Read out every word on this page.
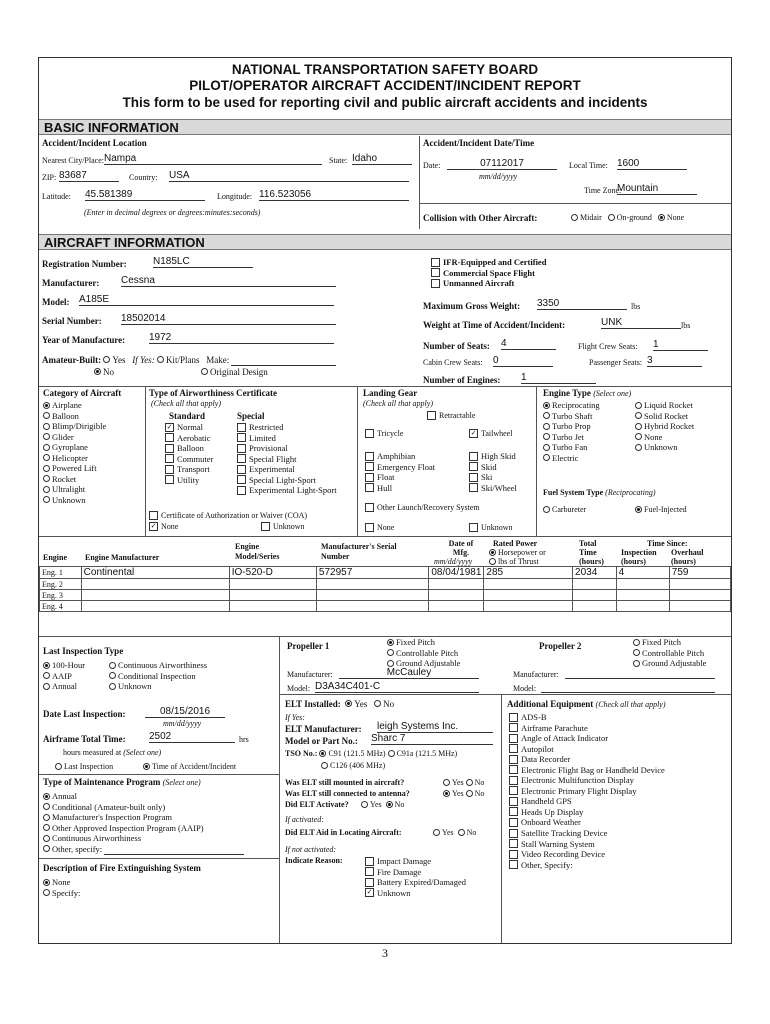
NATIONAL TRANSPORTATION SAFETY BOARD
PILOT/OPERATOR AIRCRAFT ACCIDENT/INCIDENT REPORT
This form to be used for reporting civil and public aircraft accidents and incidents
BASIC INFORMATION
Accident/Incident Location
Nearest City/Place: Nampa	State: Idaho
ZIP: 83687	Country: USA
Latitude: 45.581389	Longitude: 116.523056
(Enter in decimal degrees or degrees:minutes:seconds)
Accident/Incident Date/Time
Date:	07112017
mm/dd/yyyy
Local Time: 1600
Time Zone:
Mountain
Collision with Other Aircraft:	Midair On-ground None
AIRCRAFT INFORMATION
Registration Number:	N185LC
Manufacturer: Cessna
Model: A185E
Serial Number: 18502014
Year of Manufacture: 1972
Amateur-Built: Yes If Yes: Kit/Plans Make:
No	Original Design
IFR-Equipped and Certified
Commercial Space Flight
Unmanned Aircraft
Maximum Gross Weight: 3350	lbs
Weight at Time of Accident/Incident:	UNK	lbs
Number of Seats: 4	Flight Crew Seats: 1
Cabin Crew Seats: 0	Passenger Seats: 3
Number of Engines: 1
Category of Aircraft
Airplane
Balloon
Blimp/Dirigible
Glider
Gyroplane
Helicopter
Powered Lift
Rocket
Ultralight
Unknown
Type of Airworthiness Certificate
(Check all that apply)
Standard	Special
✓ Normal
Aerobatic
Balloon
Commuter
Transport
Utility
Restricted
Limited
Provisional
Special Flight
Experimental
Special Light-Sport
Experimental Light-Sport
Certificate of Authorization or Waiver (COA)
✓ None	Unknown
Landing Gear
(Check all that apply)
Retractable
Tricycle	✓ Tailwheel
Amphibian
Emergency Float
Float
Hull
High Skid
Skid
Ski
Ski/Wheel
Other Launch/Recovery System
None	Unknown
Engine Type (Select one)
Reciprocating
Turbo Shaft
Turbo Prop
Turbo Jet
Turbo Fan
Electric
Liquid Rocket
Solid Rocket
Hybrid Rocket
None
Unknown
Fuel System Type (Reciprocating)
Carbureter	Fuel-Injected
Engine Engine Manufacturer
Engine Model/Series
Manufacturer's Serial Number
Date of Mfg.
mm/dd/yyyy
Rated Power
Horsepower or
lbs of Thrust
Total Time (hours)
Time Since:
Inspection (hours)
Overhaul (hours)
Eng. 1	Continental	IO-520-D	572957	08/04/1981	285	2034	4	759
Eng. 2								
Eng. 3								
Eng. 4								
Last Inspection Type
100-Hour
AAIP
Annual
Continuous Airworthiness
Conditional Inspection
Unknown
Date Last Inspection:	08/15/2016
mm/dd/yyyy
Airframe Total Time: 2502	hrs
hours measured at (Select one)
Last Inspection	Time of Accident/Incident
Type of Maintenance Program (Select one)
Annual
Conditional (Amateur-built only)
Manufacturer's Inspection Program
Other Approved Inspection Program (AAIP)
Continuous Airworthiness
Other, specify:
Description of Fire Extinguishing System
None
Specify:
Propeller 1	Fixed Pitch
Controllable Pitch
Ground Adjustable
Manufacturer:	McCauley
Model: D3A34C401-C
Propeller 2	Fixed Pitch
Controllable Pitch
Ground Adjustable
Manufacturer:
Model:
ELT Installed: Yes No
If Yes:
ELT Manufacturer: leigh Systems Inc.
Model or Part No.: Sharc 7
TSO No.: C91 (121.5 MHz) C91a (121.5 MHz)
C126 (406 MHz)
Was ELT still mounted in aircraft?	Yes No
Was ELT still connected to antenna?	Yes No
Did ELT Activate?	Yes No
If activated:
Did ELT Aid in Locating Aircraft:	Yes No
If not activated:
Indicate Reason:	Impact Damage
Fire Damage
Battery Expired/Damaged
✓ Unknown
Additional Equipment (Check all that apply)
ADS-B
Airframe Parachute
Angle of Attack Indicator
Autopilot
Data Recorder
Electronic Flight Bag or Handheld Device
Electronic Multifunction Display
Electronic Primary Flight Display
Handheld GPS
Heads Up Display
Onboard Weather
Satellite Tracking Device
Stall Warning System
Video Recording Device
Other, Specify:
3
